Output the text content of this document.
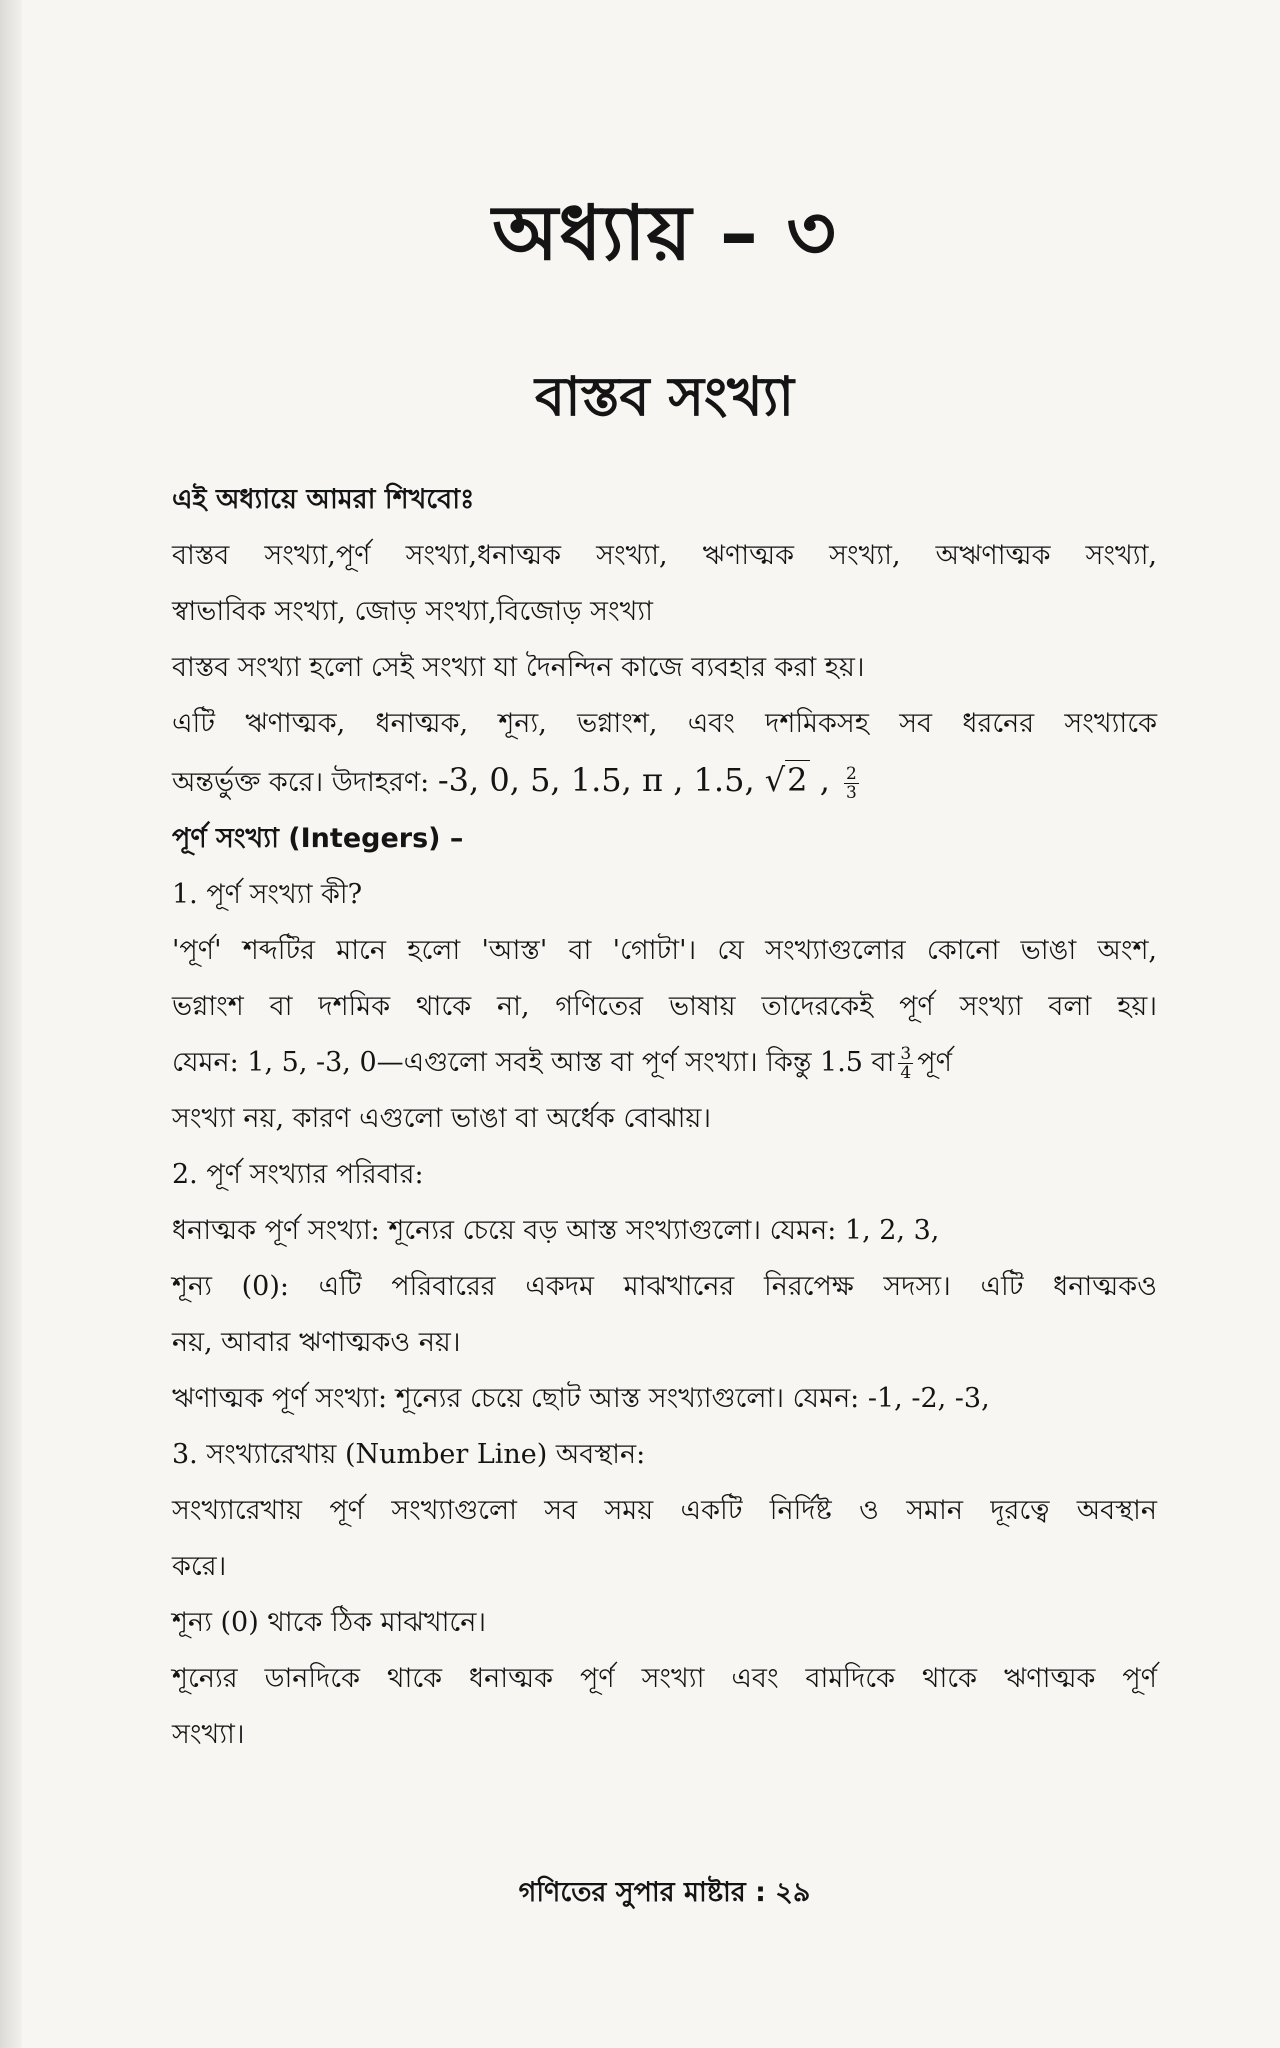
অধ্যায় – ৩
বাস্তব সংখ্যা

এই অধ্যায়ে আমরা শিখবোঃ

বাস্তব সংখ্যা,পূর্ণ সংখ্যা,ধনাত্মক সংখ্যা, ঋণাত্মক সংখ্যা, অঋণাত্মক সংখ্যা,

স্বাভাবিক সংখ্যা, জোড় সংখ্যা,বিজোড় সংখ্যা

বাস্তব সংখ্যা হলো সেই সংখ্যা যা দৈনন্দিন কাজে ব্যবহার করা হয়।

এটি ঋণাত্মক, ধনাত্মক, শূন্য, ভগ্নাংশ, এবং দশমিকসহ সব ধরনের সংখ্যাকে

অন্তর্ভুক্ত করে। উদাহরণ: -3, 0, 5, 1.5, π , 1.5, √2 , $\frac{2}{3}$

পূর্ণ সংখ্যা (Integers) –

1. পূর্ণ সংখ্যা কী?

'পূর্ণ' শব্দটির মানে হলো 'আস্ত' বা 'গোটা'। যে সংখ্যাগুলোর কোনো ভাঙা অংশ,

ভগ্নাংশ বা দশমিক থাকে না, গণিতের ভাষায় তাদেরকেই পূর্ণ সংখ্যা বলা হয়।

যেমন: 1, 5, -3, 0—এগুলো সবই আস্ত বা পূর্ণ সংখ্যা। কিন্তু 1.5 বা $\frac{3}{4}$ পূর্ণ

সংখ্যা নয়, কারণ এগুলো ভাঙা বা অর্ধেক বোঝায়।

2. পূর্ণ সংখ্যার পরিবার:

ধনাত্মক পূর্ণ সংখ্যা: শূন্যের চেয়ে বড় আস্ত সংখ্যাগুলো। যেমন: 1, 2, 3,

শূন্য (0): এটি পরিবারের একদম মাঝখানের নিরপেক্ষ সদস্য। এটি ধনাত্মকও

নয়, আবার ঋণাত্মকও নয়।

ঋণাত্মক পূর্ণ সংখ্যা: শূন্যের চেয়ে ছোট আস্ত সংখ্যাগুলো। যেমন: -1, -2, -3,

3. সংখ্যারেখায় (Number Line) অবস্থান:

সংখ্যারেখায় পূর্ণ সংখ্যাগুলো সব সময় একটি নির্দিষ্ট ও সমান দূরত্বে অবস্থান

করে।

শূন্য (0) থাকে ঠিক মাঝখানে।

শূন্যের ডানদিকে থাকে ধনাত্মক পূর্ণ সংখ্যা এবং বামদিকে থাকে ঋণাত্মক পূর্ণ

সংখ্যা।

গণিতের সুপার মাষ্টার : ২৯
